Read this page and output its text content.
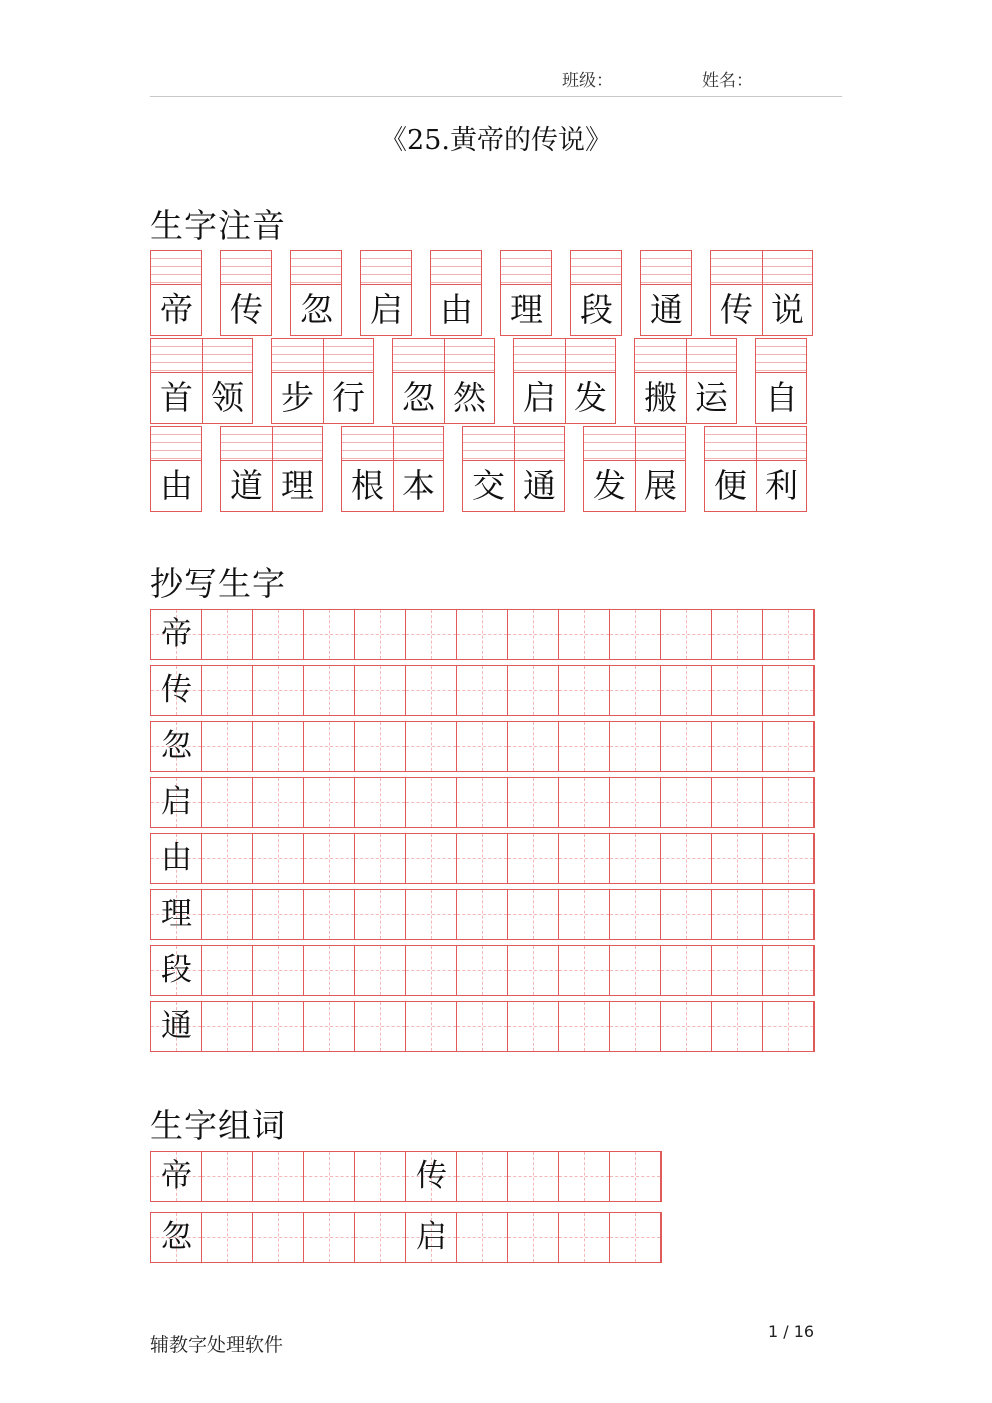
班级：	姓名：
《25.黄帝的传说》
生字注音
帝 传 忽 启 由 理 段 通 传 说
首 领 步 行 忽 然 启 发 搬 运 自
由 道 理 根 本 交 通 发 展 便 利
抄写生字
帝
传
忽
启
由
理
段
通
生字组词
帝	传
忽	启
辅教字处理软件
1 / 16
